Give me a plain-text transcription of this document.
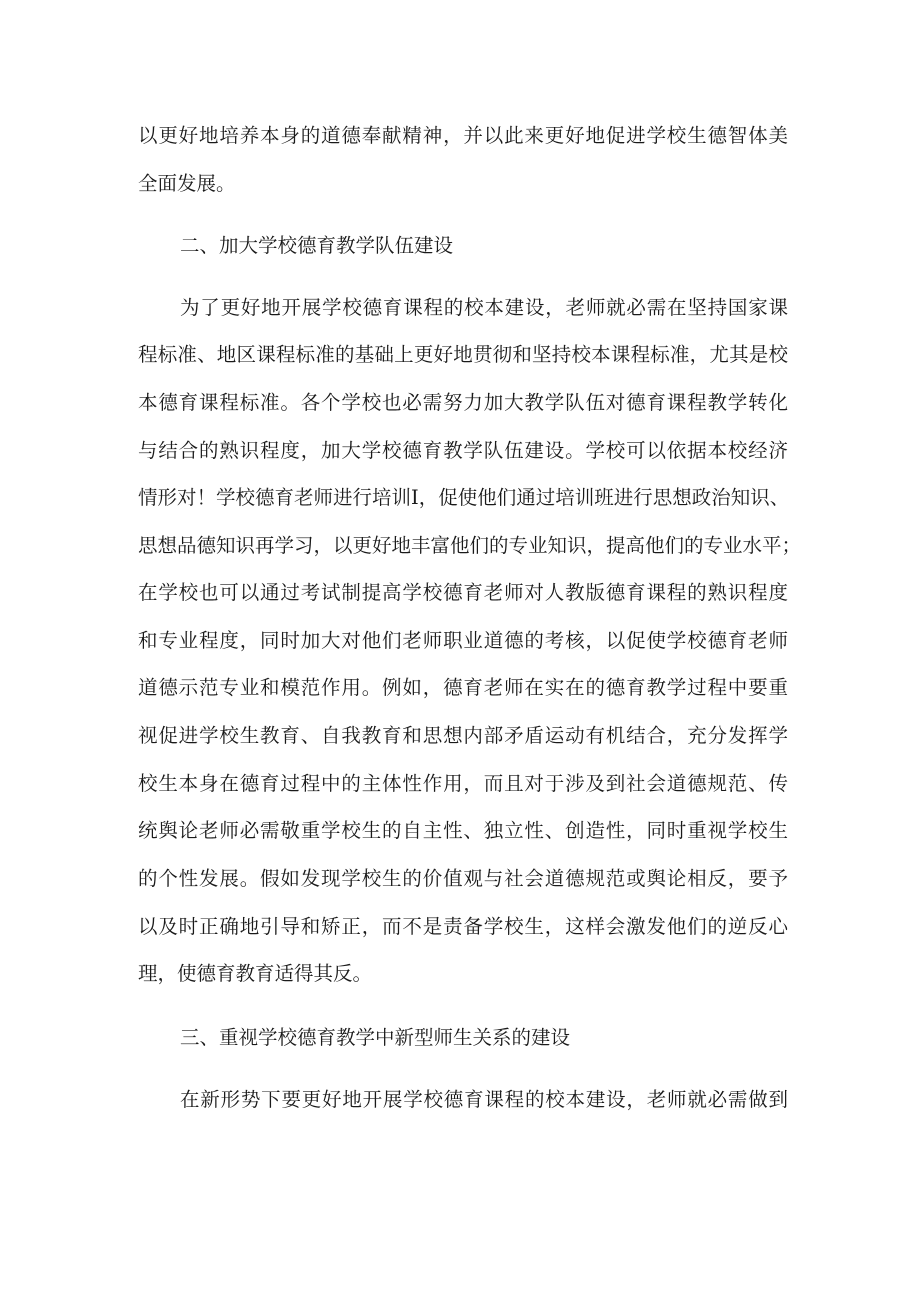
以更好地培养本身的道德奉献精神，并以此来更好地促进学校生德智体美
全面发展。
二、加大学校德育教学队伍建设
为了更好地开展学校德育课程的校本建设，老师就必需在坚持国家课
程标准、地区课程标准的基础上更好地贯彻和坚持校本课程标准，尤其是校
本德育课程标准。各个学校也必需努力加大教学队伍对德育课程教学转化
与结合的熟识程度，加大学校德育教学队伍建设。学校可以依据本校经济
情形对！学校德育老师进行培训I，促使他们通过培训班进行思想政治知识、
思想品德知识再学习，以更好地丰富他们的专业知识，提高他们的专业水平；
在学校也可以通过考试制提高学校德育老师对人教版德育课程的熟识程度
和专业程度，同时加大对他们老师职业道德的考核，以促使学校德育老师
道德示范专业和模范作用。例如，德育老师在实在的德育教学过程中要重
视促进学校生教育、自我教育和思想内部矛盾运动有机结合，充分发挥学
校生本身在德育过程中的主体性作用，而且对于涉及到社会道德规范、传
统舆论老师必需敬重学校生的自主性、独立性、创造性，同时重视学校生
的个性发展。假如发现学校生的价值观与社会道德规范或舆论相反，要予
以及时正确地引导和矫正，而不是责备学校生，这样会激发他们的逆反心
理，使德育教育适得其反。
三、重视学校德育教学中新型师生关系的建设
在新形势下要更好地开展学校德育课程的校本建设，老师就必需做到
